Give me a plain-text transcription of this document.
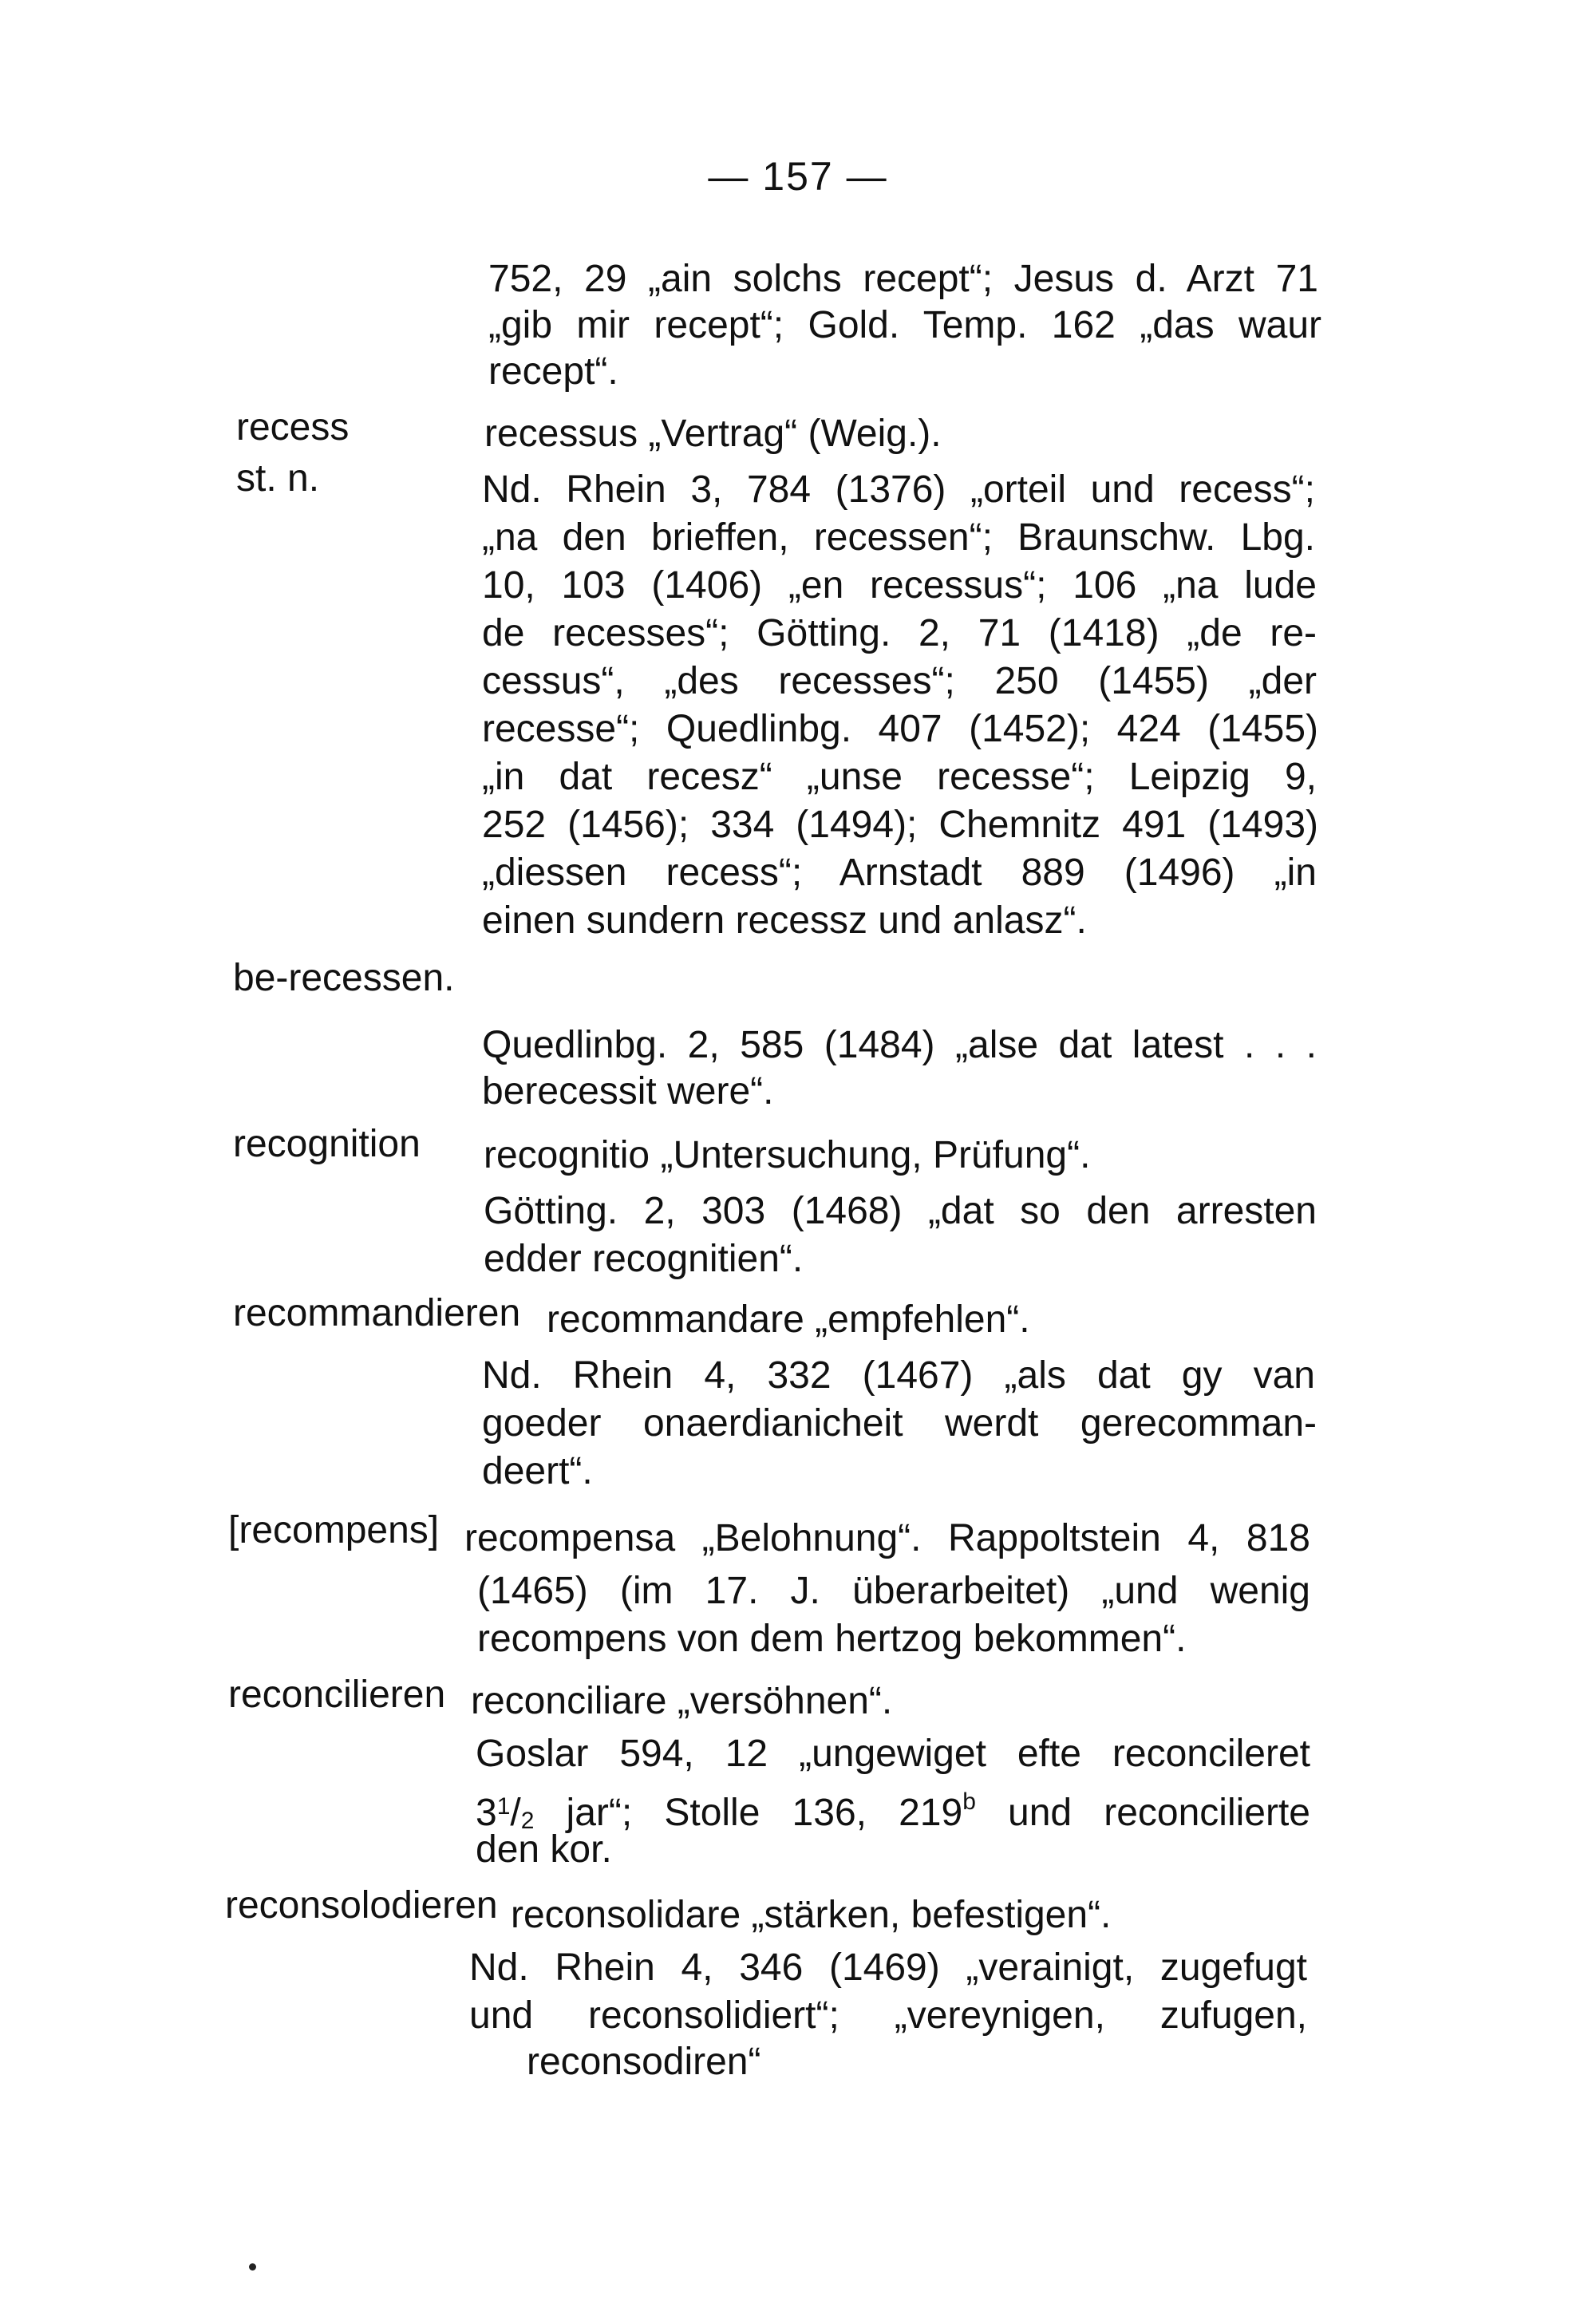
— 157 —
752, 29 „ain solchs recept“; Jesus d. Arzt 71
„gib mir recept“; Gold. Temp. 162 „das waur
recept“.
recess
st. n.
recessus „Vertrag“ (Weig.).
Nd. Rhein 3, 784 (1376) „orteil und recess“;
„na den brieffen, recessen“; Braunschw. Lbg.
10, 103 (1406) „en recessus“; 106 „na lude
de recesses“; Götting. 2, 71 (1418) „de re-
cessus“, „des recesses“; 250 (1455) „der
recesse“; Quedlinbg. 407 (1452); 424 (1455)
„in dat recesz“ „unse recesse“; Leipzig 9,
252 (1456); 334 (1494); Chemnitz 491 (1493)
„diessen recess“; Arnstadt 889 (1496) „in
einen sundern recessz und anlasz“.
be-recessen.
Quedlinbg. 2, 585 (1484) „alse dat latest . . .
berecessit were“.
recognition recognitio „Untersuchung, Prüfung“.
Götting. 2, 303 (1468) „dat so den arresten
edder recognitien“.
recommandieren recommandare „empfehlen“.
Nd. Rhein 4, 332 (1467) „als dat gy van
goeder onaerdianicheit werdt gerecomman-
deert“.
[recompens] recompensa „Belohnung“. Rappoltstein 4, 818
(1465) (im 17. J. überarbeitet) „und wenig
recompens von dem hertzog bekommen“.
reconcilieren reconciliare „versöhnen“.
Goslar 594, 12 „ungewiget efte reconcileret
$3^1/2$ jar“; Stolle 136, 219$^b$ und reconcilierte
den kor.
reconsolodieren reconsolidare „stärken, befestigen“.
Nd. Rhein 4, 346 (1469) „verainigt, zugefugt
und reconsolidiert“; „vereynigen, zufugen,
reconsodiren“
